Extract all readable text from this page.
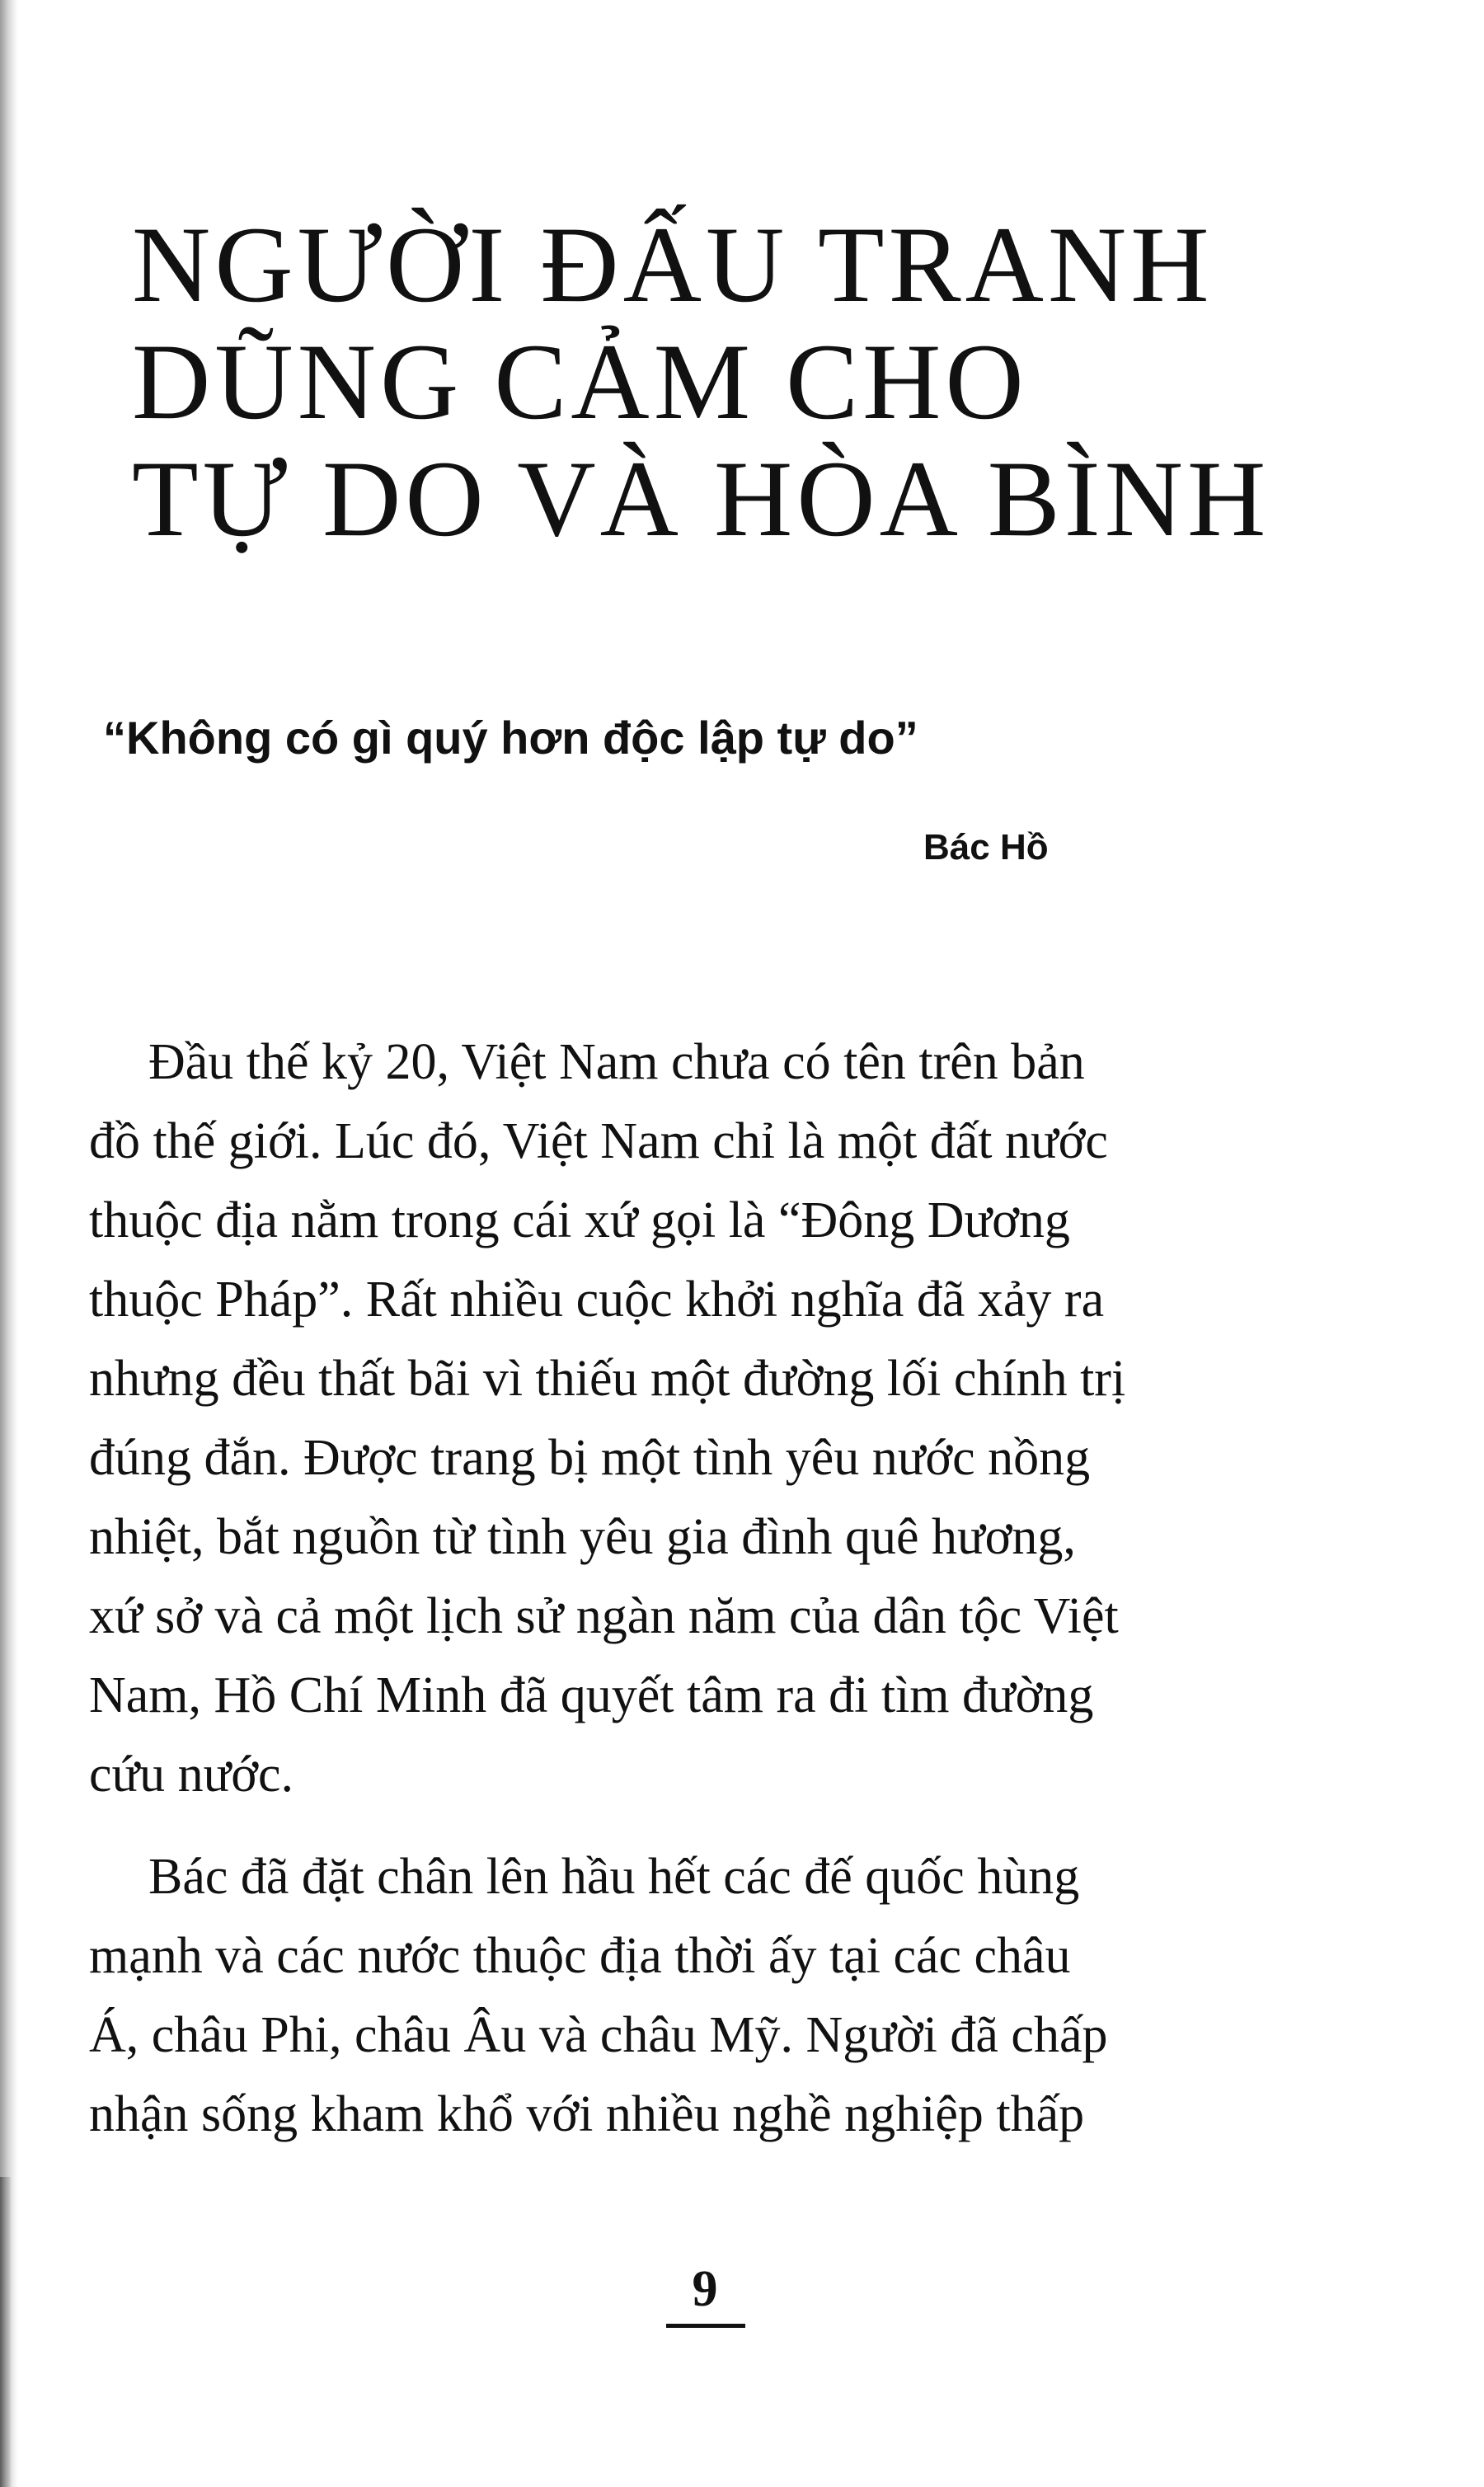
NGƯỜI ĐẤU TRANH
DŨNG CẢM CHO
TỰ DO VÀ HÒA BÌNH

“Không có gì quý hơn độc lập tự do”

Bác Hồ

Đầu thế kỷ 20, Việt Nam chưa có tên trên bản
đồ thế giới. Lúc đó, Việt Nam chỉ là một đất nước
thuộc địa nằm trong cái xứ gọi là “Đông Dương
thuộc Pháp”. Rất nhiều cuộc khởi nghĩa đã xảy ra
nhưng đều thất bãi vì thiếu một đường lối chính trị
đúng đắn. Được trang bị một tình yêu nước nồng
nhiệt, bắt nguồn từ tình yêu gia đình quê hương,
xứ sở và cả một lịch sử ngàn năm của dân tộc Việt
Nam, Hồ Chí Minh đã quyết tâm ra đi tìm đường
cứu nước.
Bác đã đặt chân lên hầu hết các đế quốc hùng
mạnh và các nước thuộc địa thời ấy tại các châu
Á, châu Phi, châu Âu và châu Mỹ. Người đã chấp
nhận sống kham khổ với nhiều nghề nghiệp thấp
9
